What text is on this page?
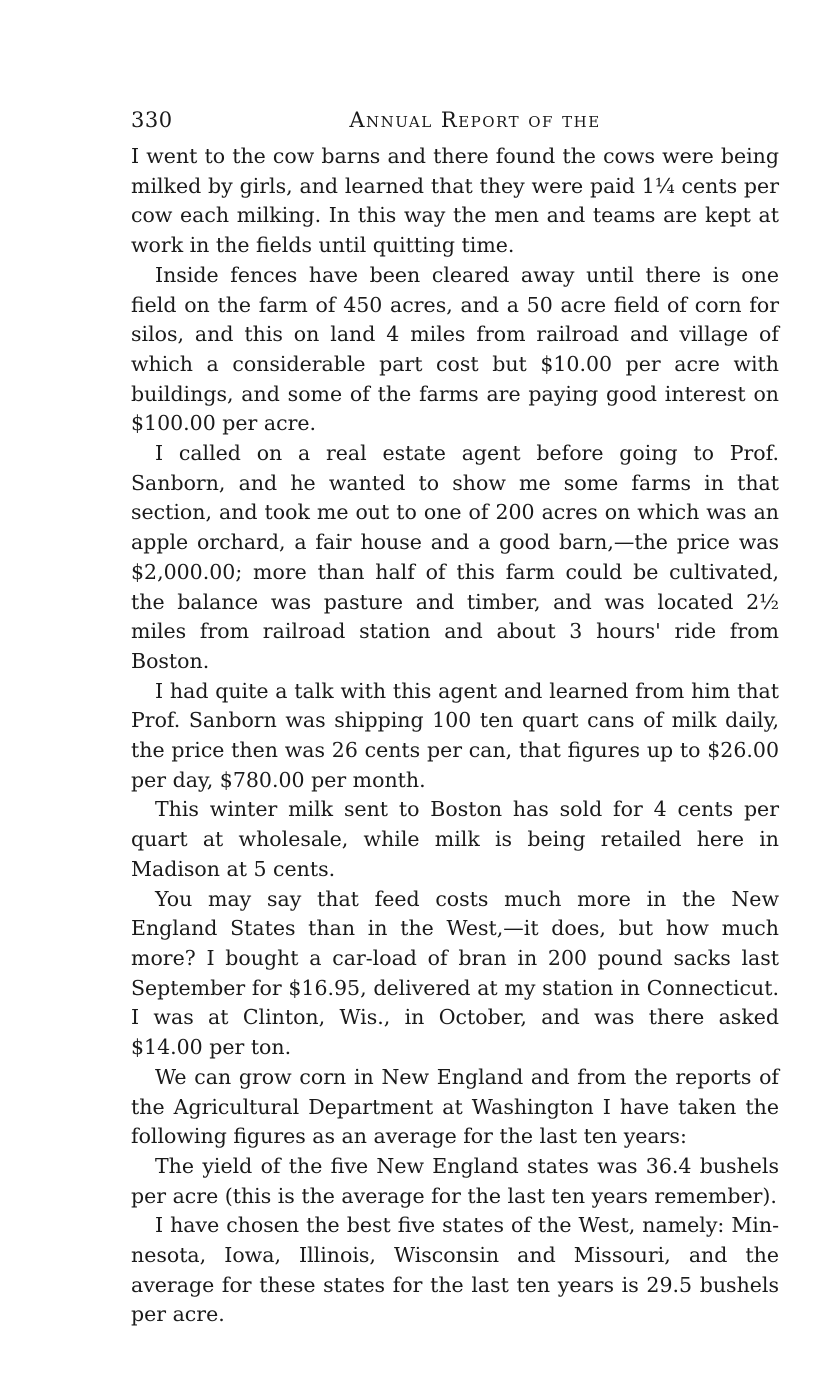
330	Annual Report of the

I went to the cow barns and there found the cows were being milked by girls, and learned that they were paid 1¼ cents per cow each milking. In this way the men and teams are kept at work in the fields until quitting time.

Inside fences have been cleared away until there is one field on the farm of 450 acres, and a 50 acre field of corn for silos, and this on land 4 miles from railroad and village of which a considerable part cost but $10.00 per acre with buildings, and some of the farms are paying good interest on $100.00 per acre.

I called on a real estate agent before going to Prof. Sanborn, and he wanted to show me some farms in that section, and took me out to one of 200 acres on which was an apple orchard, a fair house and a good barn,—the price was $2,000.00; more than half of this farm could be cultivated, the balance was pasture and timber, and was located 2½ miles from railroad station and about 3 hours' ride from Boston.

I had quite a talk with this agent and learned from him that Prof. Sanborn was shipping 100 ten quart cans of milk daily, the price then was 26 cents per can, that figures up to $26.00 per day, $780.00 per month.

This winter milk sent to Boston has sold for 4 cents per quart at wholesale, while milk is being retailed here in Madison at 5 cents.

You may say that feed costs much more in the New England States than in the West,—it does, but how much more? I bought a car-load of bran in 200 pound sacks last September for $16.95, delivered at my station in Connecticut. I was at Clinton, Wis., in October, and was there asked $14.00 per ton.

We can grow corn in New England and from the reports of the Agricultural Department at Washington I have taken the following figures as an average for the last ten years:

The yield of the five New England states was 36.4 bushels per acre (this is the average for the last ten years remember).

I have chosen the best five states of the West, namely: Min-nesota, Iowa, Illinois, Wisconsin and Missouri, and the average for these states for the last ten years is 29.5 bushels per acre.
